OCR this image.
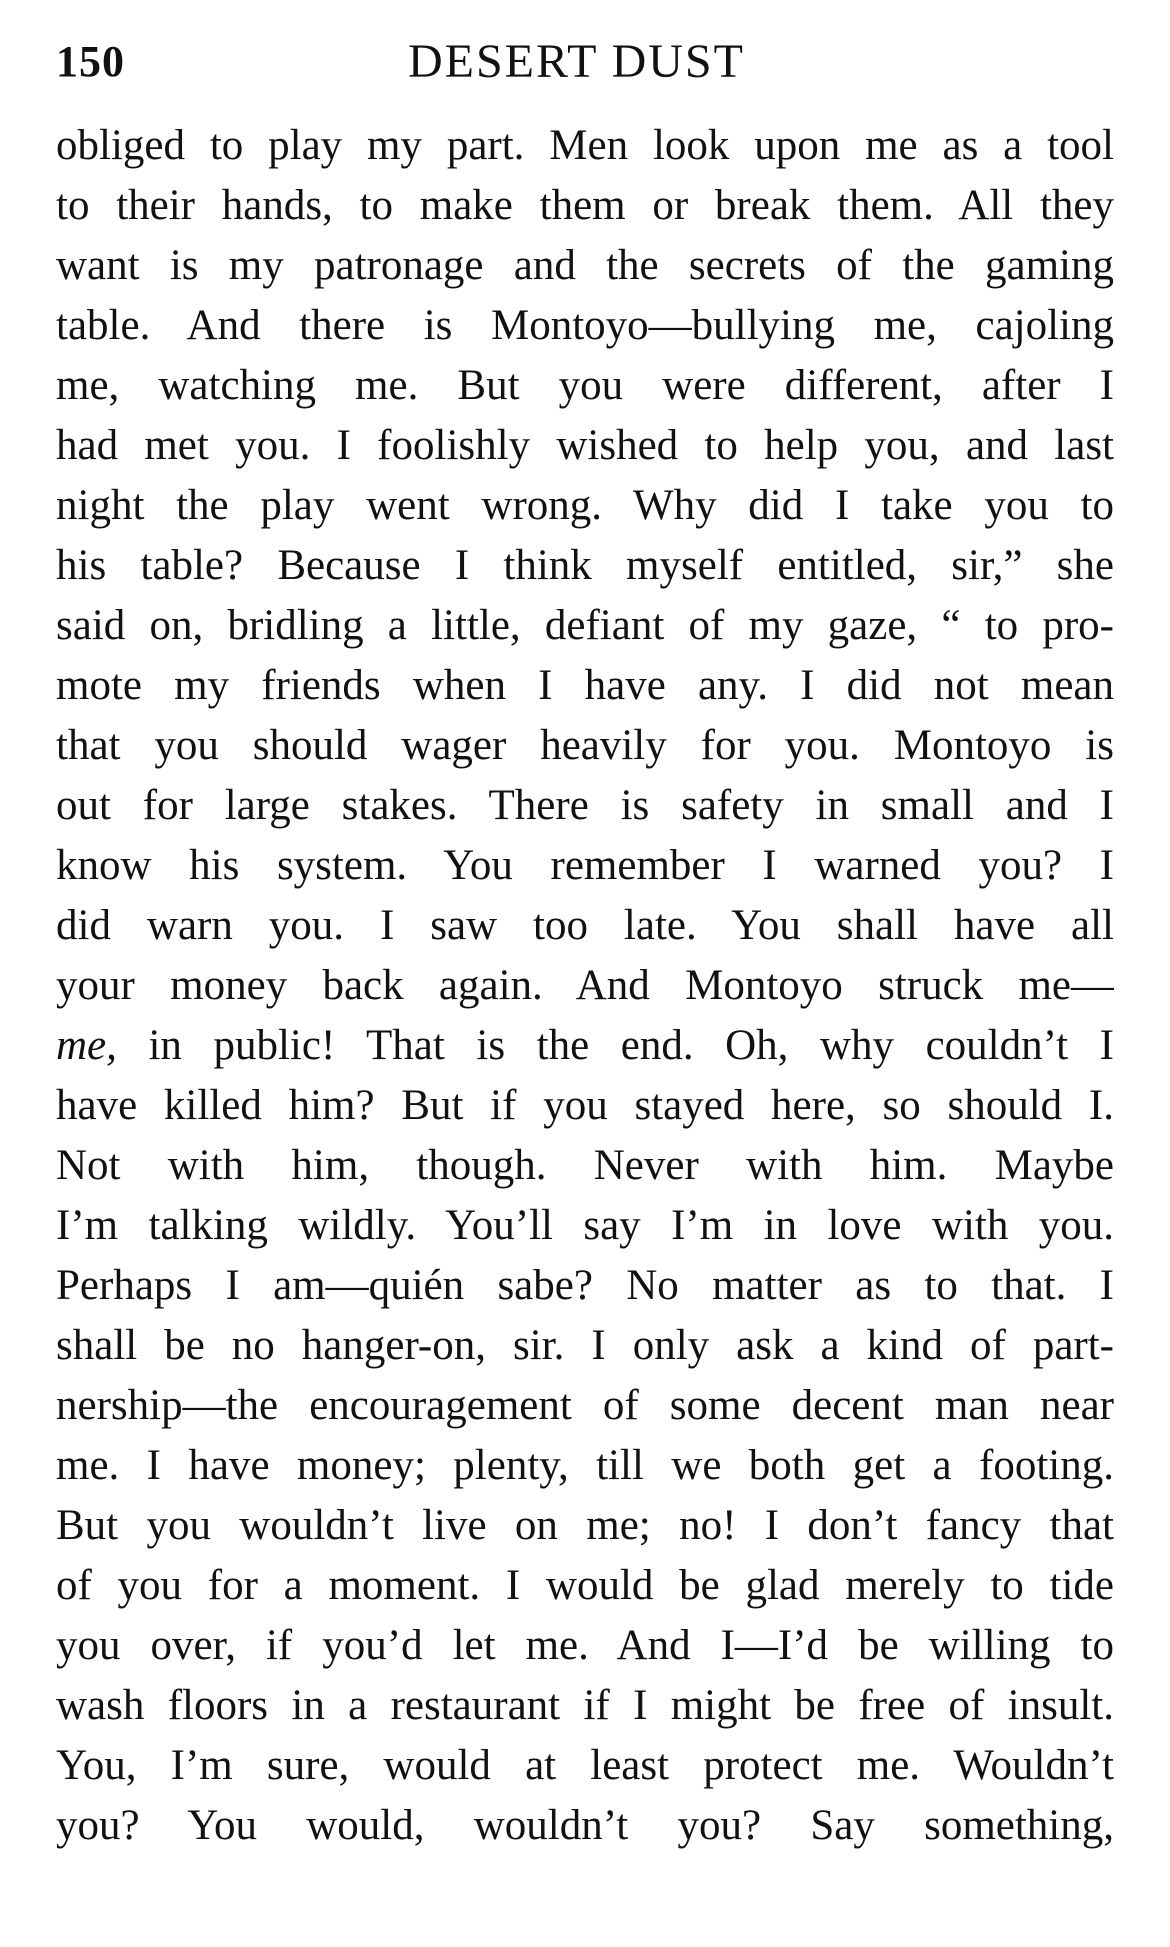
150	DESERT DUST
obliged to play my part. Men look upon me as a tool
to their hands, to make them or break them. All they
want is my patronage and the secrets of the gaming
table. And there is Montoyo—bullying me, cajoling
me, watching me. But you were different, after I
had met you. I foolishly wished to help you, and last
night the play went wrong. Why did I take you to
his table? Because I think myself entitled, sir,” she
said on, bridling a little, defiant of my gaze, “ to pro-
mote my friends when I have any. I did not mean
that you should wager heavily for you. Montoyo is
out for large stakes. There is safety in small and I
know his system. You remember I warned you? I
did warn you. I saw too late. You shall have all
your money back again. And Montoyo struck me—
me, in public! That is the end. Oh, why couldn’t I
have killed him? But if you stayed here, so should I.
Not with him, though. Never with him. Maybe
I’m talking wildly. You’ll say I’m in love with you.
Perhaps I am—quién sabe? No matter as to that. I
shall be no hanger-on, sir. I only ask a kind of part-
nership—the encouragement of some decent man near
me. I have money; plenty, till we both get a footing.
But you wouldn’t live on me; no! I don’t fancy that
of you for a moment. I would be glad merely to tide
you over, if you’d let me. And I—I’d be willing to
wash floors in a restaurant if I might be free of insult.
You, I’m sure, would at least protect me. Wouldn’t
you? You would, wouldn’t you? Say something,
